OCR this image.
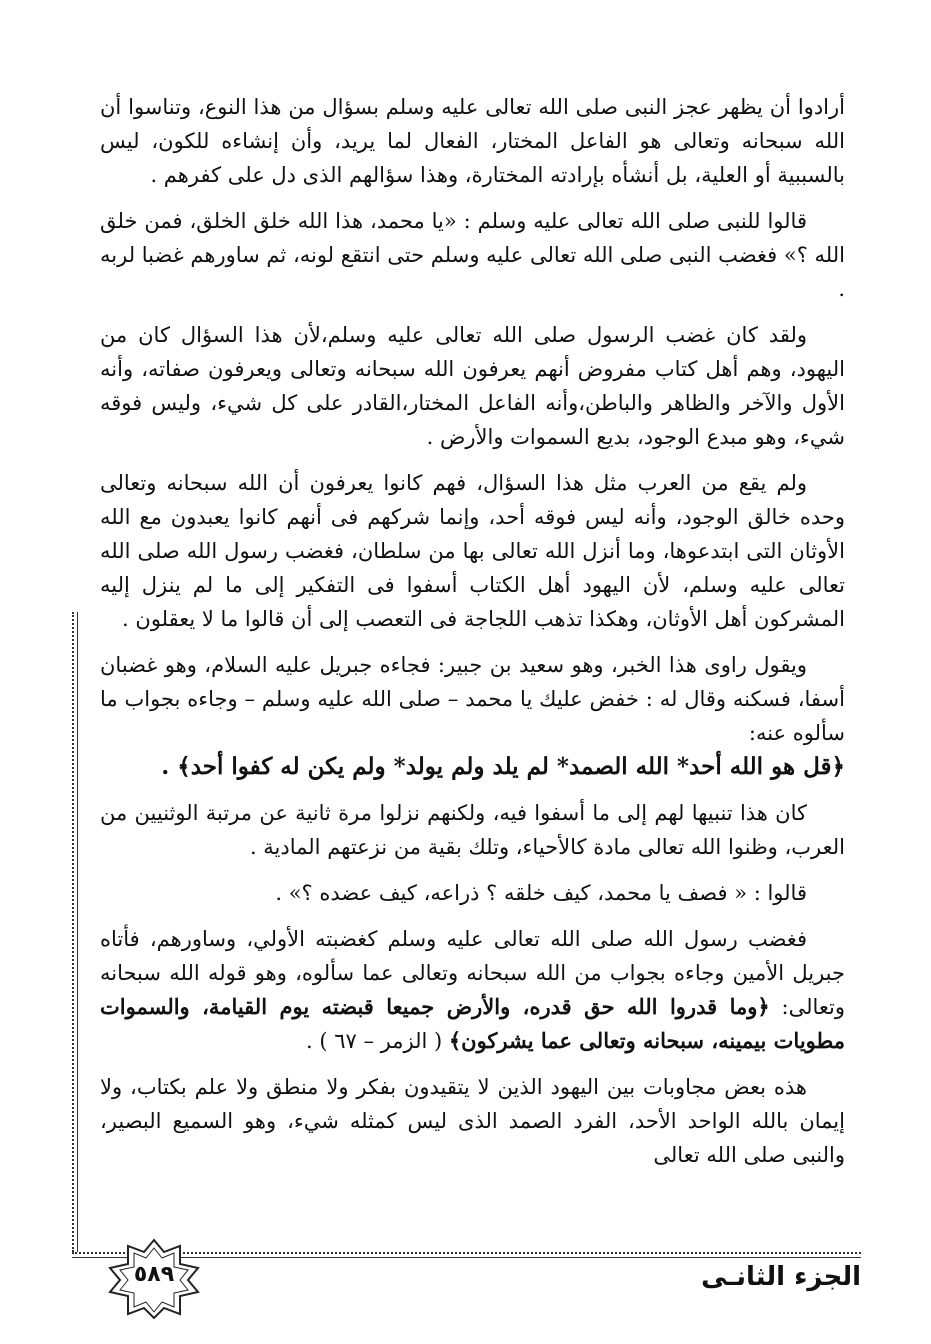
أرادوا أن يظهر عجز النبى صلى الله تعالى عليه وسلم بسؤال من هذا النوع، وتناسوا أن الله سبحانه وتعالى هو الفاعل المختار، الفعال لما يريد، وأن إنشاءه للكون، ليس بالسببية أو العلية، بل أنشأه بإرادته المختارة، وهذا سؤالهم الذى دل على كفرهم .

قالوا للنبى صلى الله تعالى عليه وسلم : «يا محمد، هذا الله خلق الخلق، فمن خلق الله ؟» فغضب النبى صلى الله تعالى عليه وسلم حتى انتقع لونه، ثم ساورهم غضبا لربه .

ولقد كان غضب الرسول صلى الله تعالى عليه وسلم،لأن هذا السؤال كان من اليهود، وهم أهل كتاب مفروض أنهم يعرفون الله سبحانه وتعالى ويعرفون صفاته، وأنه الأول والآخر والظاهر والباطن،وأنه الفاعل المختار،القادر على كل شيء، وليس فوقه شيء، وهو مبدع الوجود، بديع السموات والأرض .

ولم يقع من العرب مثل هذا السؤال، فهم كانوا يعرفون أن الله سبحانه وتعالى وحده خالق الوجود، وأنه ليس فوقه أحد، وإنما شركهم فى أنهم كانوا يعبدون مع الله الأوثان التى ابتدعوها، وما أنزل الله تعالى بها من سلطان، فغضب رسول الله صلى الله تعالى عليه وسلم، لأن اليهود أهل الكتاب أسفوا فى التفكير إلى ما لم ينزل إليه المشركون أهل الأوثان، وهكذا تذهب اللجاجة فى التعصب إلى أن قالوا ما لا يعقلون .

ويقول راوى هذا الخبر، وهو سعيد بن جبير: فجاءه جبريل عليه السلام، وهو غضبان أسفا، فسكنه وقال له : خفض عليك يا محمد – صلى الله عليه وسلم – وجاءه بجواب ما سألوه عنه:

﴿قل هو الله أحد* الله الصمد* لم يلد ولم يولد* ولم يكن له كفوا أحد﴾ .

كان هذا تنبيها لهم إلى ما أسفوا فيه، ولكنهم نزلوا مرة ثانية عن مرتبة الوثنيين من العرب، وظنوا الله تعالى مادة كالأحياء، وتلك بقية من نزعتهم المادية .

قالوا : « فصف يا محمد، كيف خلقه ؟ ذراعه، كيف عضده ؟» .

فغضب رسول الله صلى الله تعالى عليه وسلم كغضبته الأولي، وساورهم، فأتاه جبريل الأمين وجاءه بجواب من الله سبحانه وتعالى عما سألوه، وهو قوله الله سبحانه وتعالى: ﴿وما قدروا الله حق قدره، والأرض جميعا قبضته يوم القيامة، والسموات مطويات بيمينه، سبحانه وتعالى عما يشركون﴾ ( الزمر – ٦٧ ) .

هذه بعض مجاوبات بين اليهود الذين لا يتقيدون بفكر ولا منطق ولا علم بكتاب، ولا إيمان بالله الواحد الأحد، الفرد الصمد الذى ليس كمثله شيء، وهو السميع البصير، والنبى صلى الله تعالى

٥٨٩	الجزء الثانـى
